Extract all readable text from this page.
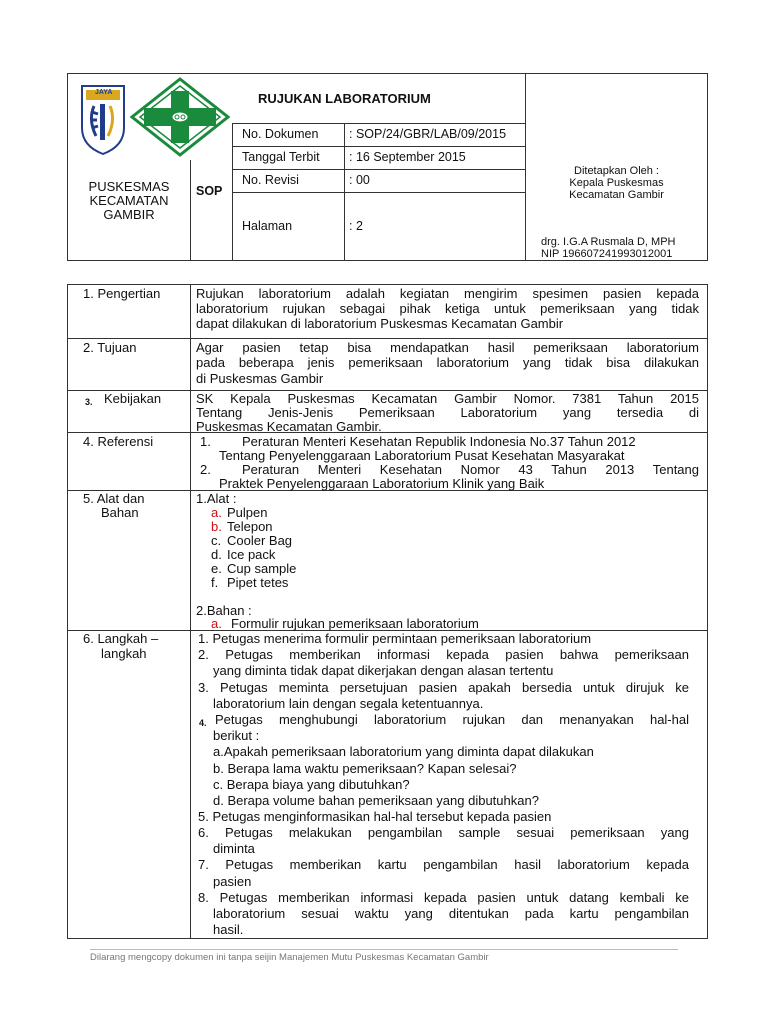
JAYA	RUJUKAN LABORATORIUM
PUSKESMAS
KECAMATAN
GAMBIR
SOP
No. Dokumen : SOP/24/GBR/LAB/09/2015
Tanggal Terbit : 16 September 2015
No. Revisi	: 00
Halaman	: 2
Ditetapkan Oleh :
Kepala Puskesmas
Kecamatan Gambir
drg. I.G.A Rusmala D, MPH
NIP 196607241993012001
1. Pengertian	Rujukan laboratorium adalah kegiatan mengirim spesimen pasien kepada
laboratorium rujukan sebagai pihak ketiga untuk pemeriksaan yang tidak
dapat dilakukan di laboratorium Puskesmas Kecamatan Gambir
2. Tujuan	Agar pasien tetap bisa mendapatkan hasil pemeriksaan laboratorium
pada beberapa jenis pemeriksaan laboratorium yang tidak bisa dilakukan
di Puskesmas Gambir
3. Kebijakan	SK Kepala Puskesmas Kecamatan Gambir Nomor. 7381 Tahun 2015
Tentang Jenis-Jenis Pemeriksaan Laboratorium yang tersedia di
Puskesmas Kecamatan Gambir.
4. Referensi	1. Peraturan Menteri Kesehatan Republik Indonesia No.37 Tahun 2012
Tentang Penyelenggaraan Laboratorium Pusat Kesehatan Masyarakat
2. Peraturan Menteri Kesehatan Nomor 43 Tahun 2013 Tentang
Praktek Penyelenggaraan Laboratorium Klinik yang Baik
5. Alat dan
Bahan
1.Alat :
a. Pulpen
b. Telepon
c. Cooler Bag
d. Ice pack
e. Cup sample
f. Pipet tetes
2.Bahan :
a. Formulir rujukan pemeriksaan laboratorium
6. Langkah –
langkah
1. Petugas menerima formulir permintaan pemeriksaan laboratorium
2. Petugas memberikan informasi kepada pasien bahwa pemeriksaan
yang diminta tidak dapat dikerjakan dengan alasan tertentu
3. Petugas meminta persetujuan pasien apakah bersedia untuk dirujuk ke
laboratorium lain dengan segala ketentuannya.
4. Petugas menghubungi laboratorium rujukan dan menanyakan hal-hal
berikut :
a.Apakah pemeriksaan laboratorium yang diminta dapat dilakukan
b. Berapa lama waktu pemeriksaan? Kapan selesai?
c. Berapa biaya yang dibutuhkan?
d. Berapa volume bahan pemeriksaan yang dibutuhkan?
5. Petugas menginformasikan hal-hal tersebut kepada pasien
6. Petugas melakukan pengambilan sample sesuai pemeriksaan yang
diminta
7. Petugas memberikan kartu pengambilan hasil laboratorium kepada
pasien
8. Petugas memberikan informasi kepada pasien untuk datang kembali ke
laboratorium sesuai waktu yang ditentukan pada kartu pengambilan
hasil.
Dilarang mengcopy dokumen ini tanpa seijin Manajemen Mutu Puskesmas Kecamatan Gambir
